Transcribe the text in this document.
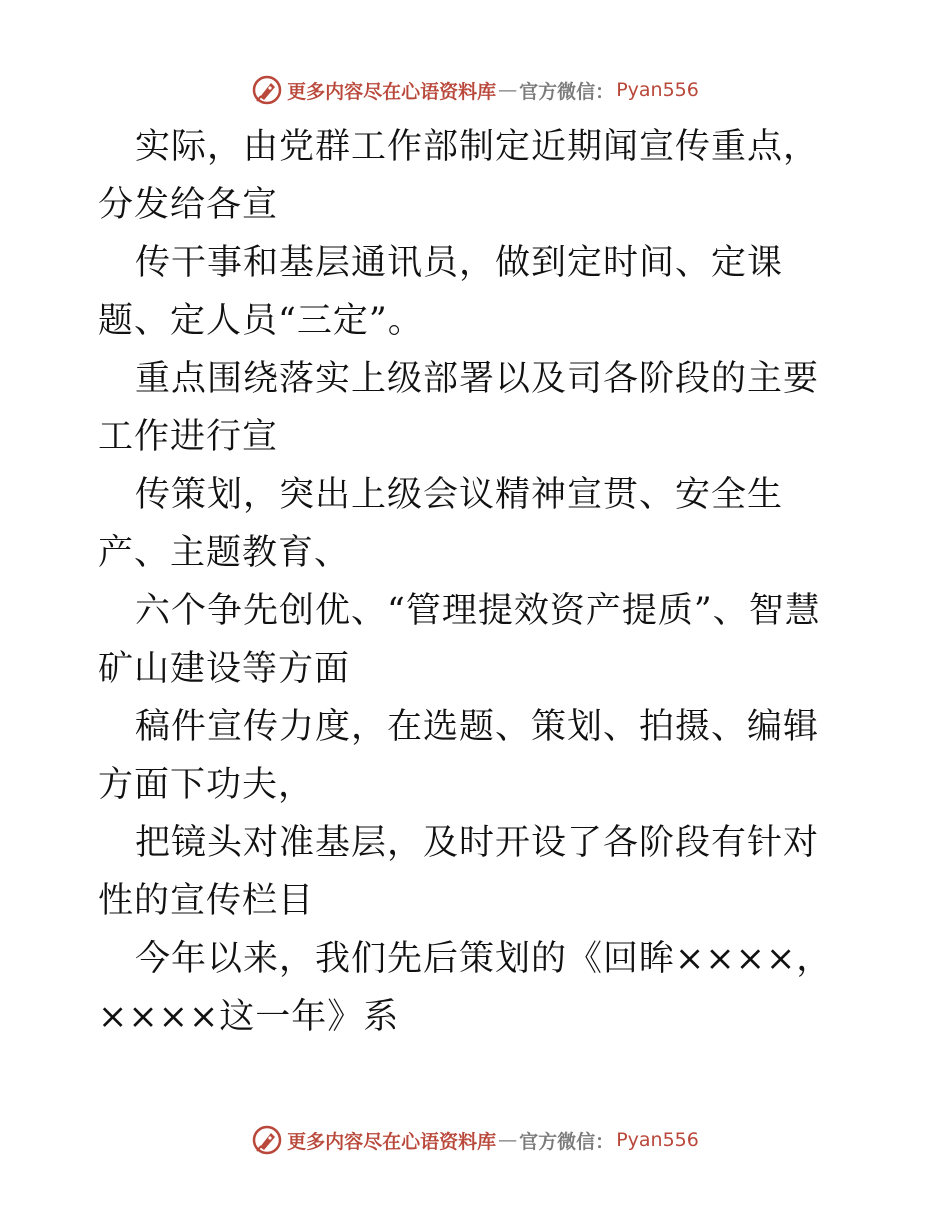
更多内容尽在心语资料库 — 官方微信： Pyan556

实际，由党群工作部制定近期闻宣传重点，分发给各宣

传干事和基层通讯员，做到定时间、定课题、定人员“三定”。

重点围绕落实上级部署以及司各阶段的主要工作进行宣

传策划，突出上级会议精神宣贯、安全生产、主题教育、

六个争先创优、“管理提效资产提质”、智慧矿山建设等方面

稿件宣传力度，在选题、策划、拍摄、编辑方面下功夫，

把镜头对准基层，及时开设了各阶段有针对性的宣传栏目

今年以来，我们先后策划的《回眸××××，××××这一年》系

更多内容尽在心语资料库 — 官方微信： Pyan556
